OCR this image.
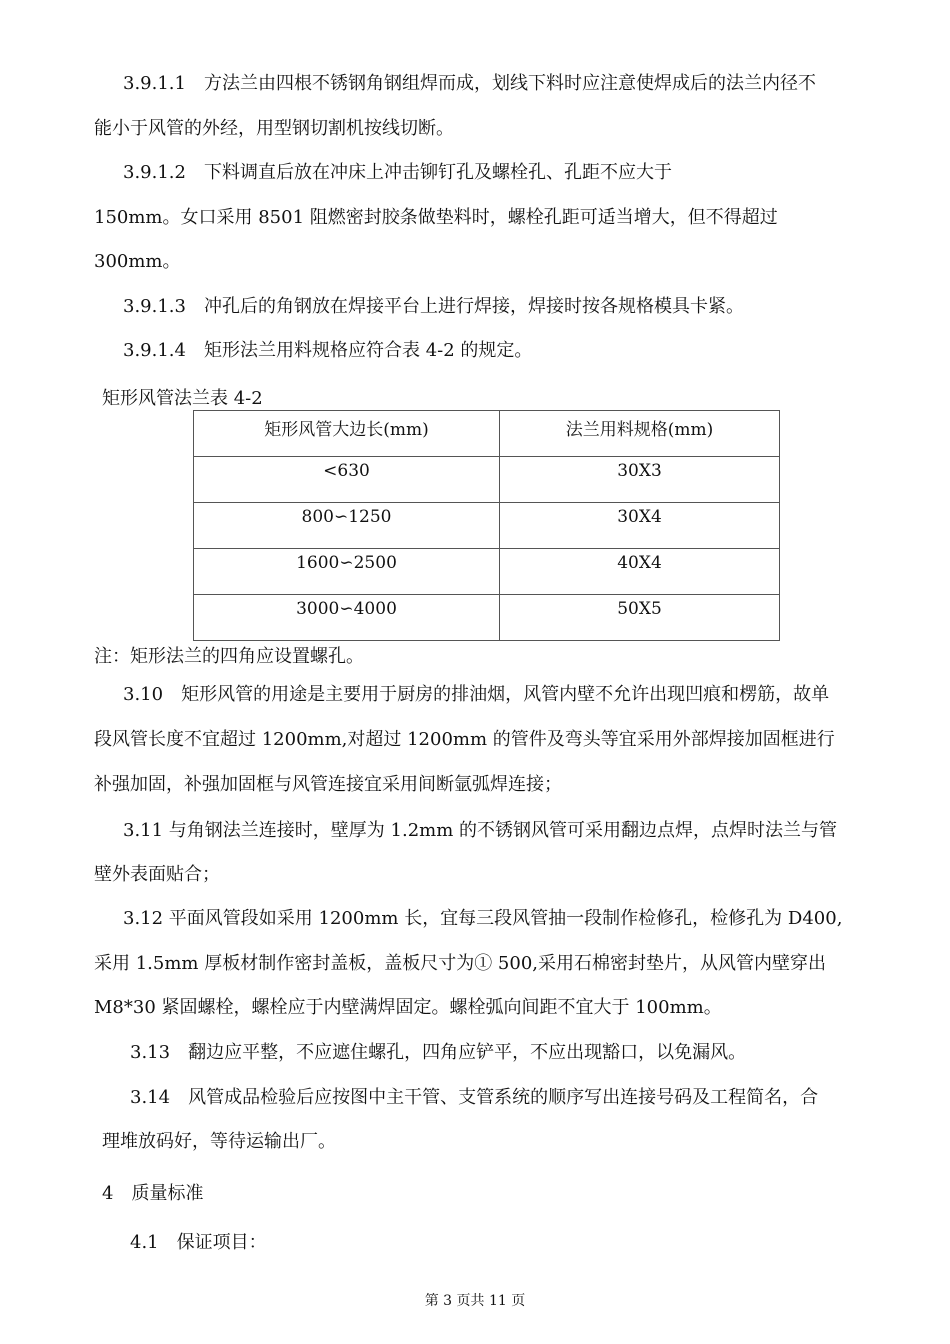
3.9.1.1　方法兰由四根不锈钢角钢组焊而成，划线下料时应注意使焊成后的法兰内径不
能小于风管的外经，用型钢切割机按线切断。
3.9.1.2　下料调直后放在冲床上冲击铆钉孔及螺栓孔、孔距不应大于
150mm。女口采用 8501 阻燃密封胶条做垫料时，螺栓孔距可适当增大，但不得超过
300mm。
3.9.1.3　冲孔后的角钢放在焊接平台上进行焊接，焊接时按各规格模具卡紧。
3.9.1.4　矩形法兰用料规格应符合表 4-2 的规定。
矩形风管法兰表 4-2
矩形风管大边长(mm)	法兰用料规格(mm)
<630	30X3
800∽1250	30X4
1600∽2500	40X4
3000∽4000	50X5
注：矩形法兰的四角应设置螺孔。
3.10　矩形风管的用途是主要用于厨房的排油烟，风管内壁不允许出现凹痕和楞筋，故单
段风管长度不宜超过 1200mm,对超过 1200mm 的管件及弯头等宜采用外部焊接加固框进行
补强加固，补强加固框与风管连接宜采用间断氩弧焊连接；
3.11 与角钢法兰连接时，壁厚为 1.2mm 的不锈钢风管可采用翻边点焊，点焊时法兰与管
壁外表面贴合；
3.12 平面风管段如采用 1200mm 长，宜每三段风管抽一段制作检修孔，检修孔为 D400,
采用 1.5mm 厚板材制作密封盖板，盖板尺寸为① 500,采用石棉密封垫片，从风管内壁穿出
M8*30 紧固螺栓，螺栓应于内壁满焊固定。螺栓弧向间距不宜大于 100mm。
3.13　翻边应平整，不应遮住螺孔，四角应铲平，不应出现豁口，以免漏风。
3.14　风管成品检验后应按图中主干管、支管系统的顺序写出连接号码及工程简名，合
理堆放码好，等待运输出厂。
4　质量标准
4.1　保证项目：
第 3 页共 11 页
